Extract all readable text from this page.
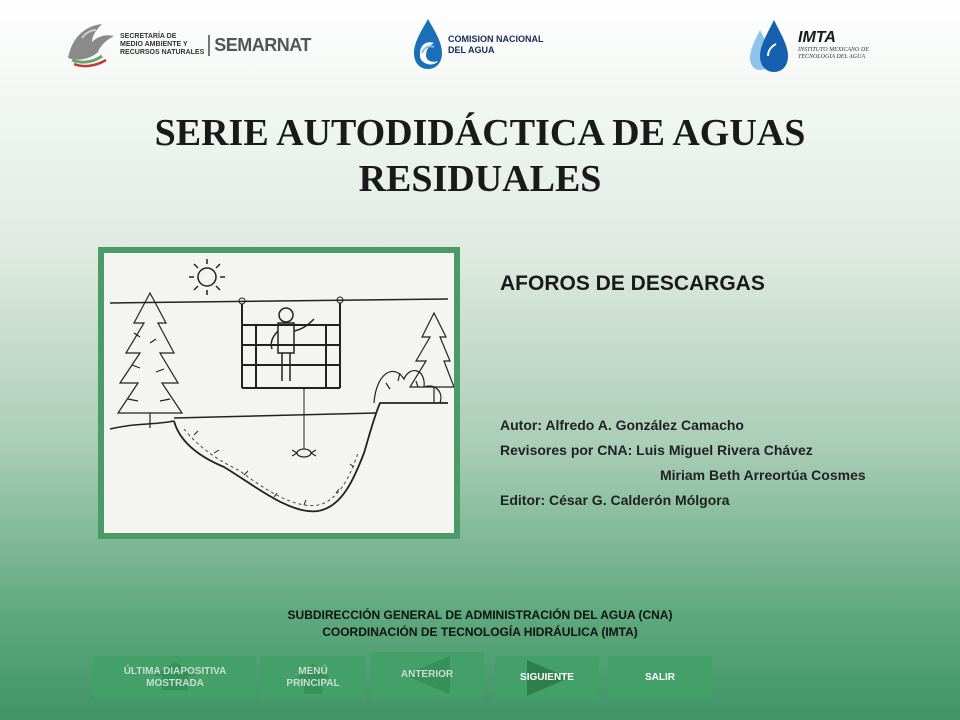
SECRETARÍA DE
MEDIO AMBIENTE Y
RECURSOS NATURALES SEMARNAT	COMISION NACIONAL
DEL AGUA
IMTA
INSTITUTO MEXICANO DE
TECNOLOGÍA DEL AGUA
SERIE AUTODIDÁCTICA DE AGUAS
RESIDUALES
AFOROS DE DESCARGAS
Autor: Alfredo A. González Camacho
Revisores por CNA: Luis Miguel Rivera Chávez
Miriam Beth Arreortúa Cosmes
Editor: César G. Calderón Mólgora
SUBDIRECCIÓN GENERAL DE ADMINISTRACIÓN DEL AGUA (CNA)
COORDINACIÓN DE TECNOLOGÍA HIDRÁULICA (IMTA)
ÚLTIMA DIAPOSITIVA MOSTRADA
MENÚ PRINCIPAL
ANTERIOR	SIGUIENTE	SALIR
